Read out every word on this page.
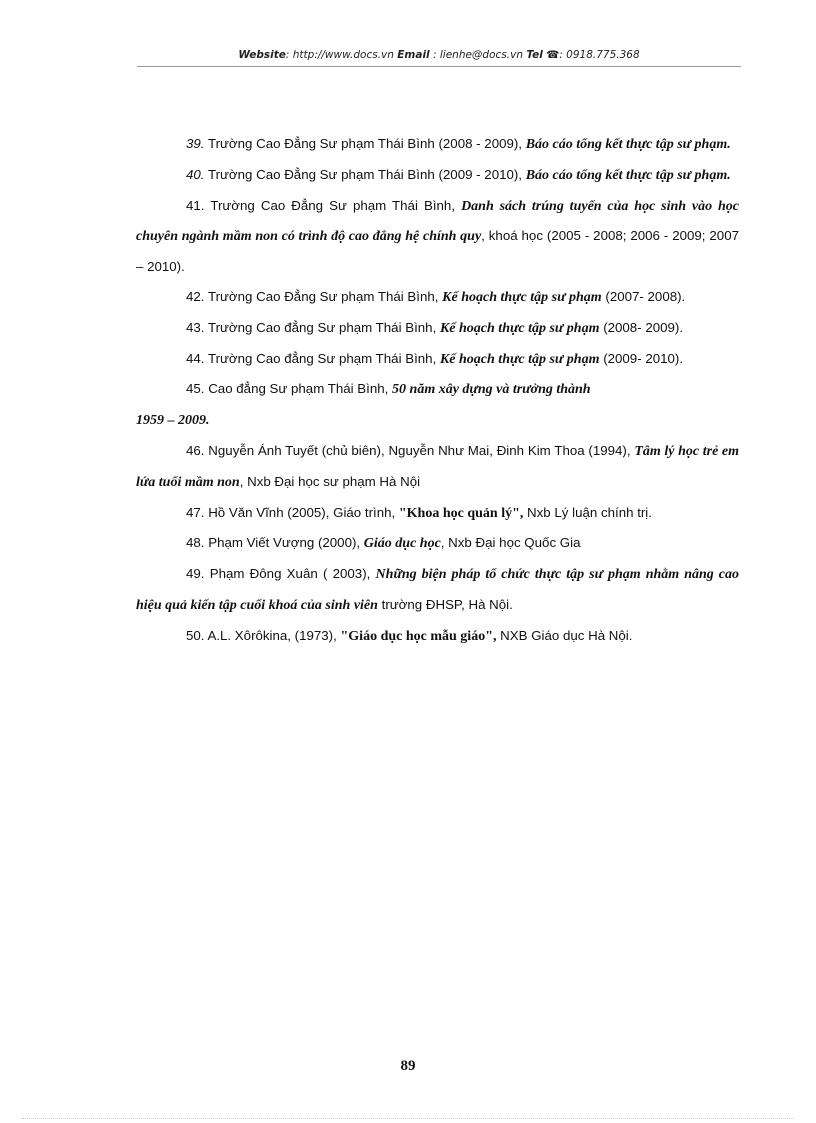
Website: http://www.docs.vn Email : lienhe@docs.vn Tel ☎: 0918.775.368

39. Trường Cao Đẳng Sư phạm Thái Bình (2008 - 2009), Báo cáo tổng kết thực tập sư phạm.

40. Trường Cao Đẳng Sư phạm Thái Bình (2009 - 2010), Báo cáo tổng kết thực tập sư phạm.

41. Trường Cao Đẳng Sư phạm Thái Bình, Danh sách trúng tuyển của học sinh vào học chuyên ngành mầm non có trình độ cao đẳng hệ chính quy, khoá học (2005 - 2008; 2006 - 2009; 2007 – 2010).

42. Trường Cao Đẳng Sư phạm Thái Bình, Kế hoạch thực tập sư phạm (2007- 2008).

43. Trường Cao đẳng Sư phạm Thái Bình, Kế hoạch thực tập sư phạm (2008- 2009).

44. Trường Cao đẳng Sư phạm Thái Bình, Kế hoạch thực tập sư phạm (2009- 2010).

45. Cao đẳng Sư phạm Thái Bình, 50 năm xây dựng và trưởng thành
1959 – 2009.

46. Nguyễn Ánh Tuyết (chủ biên), Nguyễn Như Mai, Đinh Kim Thoa (1994), Tâm lý học trẻ em lứa tuổi mầm non, Nxb Đại học sư phạm Hà Nội

47. Hồ Văn Vĩnh (2005), Giáo trình, "Khoa học quản lý", Nxb Lý luận chính trị.

48. Phạm Viết Vượng (2000), Giáo dục học, Nxb Đại học Quốc Gia

49. Phạm Đông Xuân ( 2003), Những biện pháp tổ chức thực tập sư phạm nhằm nâng cao hiệu quả kiến tập cuối khoá của sinh viên trường ĐHSP, Hà Nội.

50. A.L. Xôrôkina, (1973), "Giáo dục học mẫu giáo", NXB Giáo dục Hà Nội.

89
